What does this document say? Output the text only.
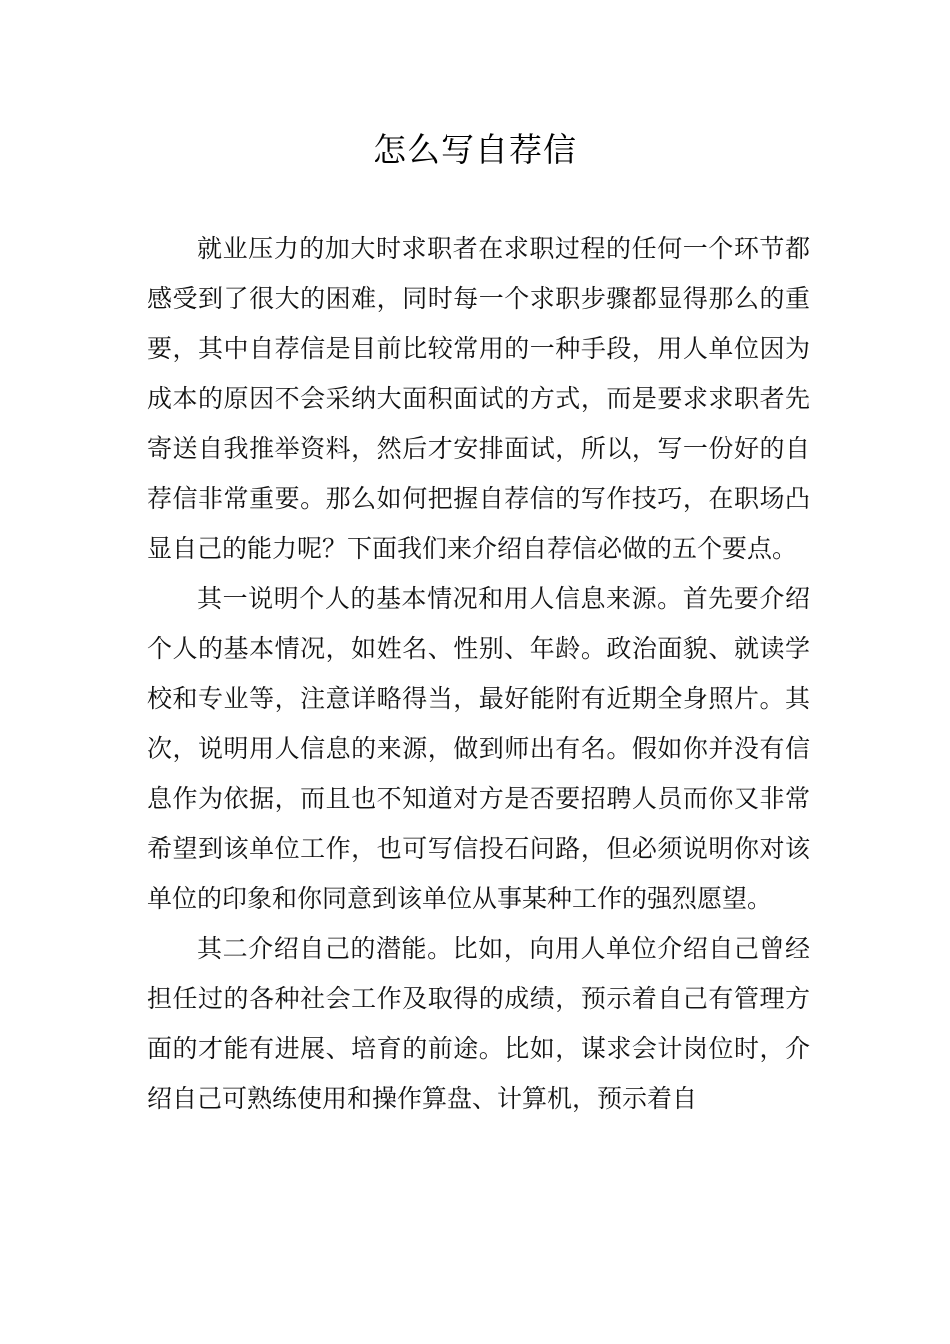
怎么写自荐信

就业压力的加大时求职者在求职过程的任何一个环节都感受到了很大的困难，同时每一个求职步骤都显得那么的重要，其中自荐信是目前比较常用的一种手段，用人单位因为成本的原因不会采纳大面积面试的方式，而是要求求职者先寄送自我推举资料，然后才安排面试，所以，写一份好的自荐信非常重要。那么如何把握自荐信的写作技巧，在职场凸显自己的能力呢？下面我们来介绍自荐信必做的五个要点。

其一说明个人的基本情况和用人信息来源。首先要介绍个人的基本情况，如姓名、性别、年龄。政治面貌、就读学校和专业等，注意详略得当，最好能附有近期全身照片。其次，说明用人信息的来源，做到师出有名。假如你并没有信息作为依据，而且也不知道对方是否要招聘人员而你又非常希望到该单位工作，也可写信投石问路，但必须说明你对该单位的印象和你同意到该单位从事某种工作的强烈愿望。

其二介绍自己的潜能。比如，向用人单位介绍自己曾经担任过的各种社会工作及取得的成绩，预示着自己有管理方面的才能有进展、培育的前途。比如，谋求会计岗位时，介绍自己可熟练使用和操作算盘、计算机，预示着自
